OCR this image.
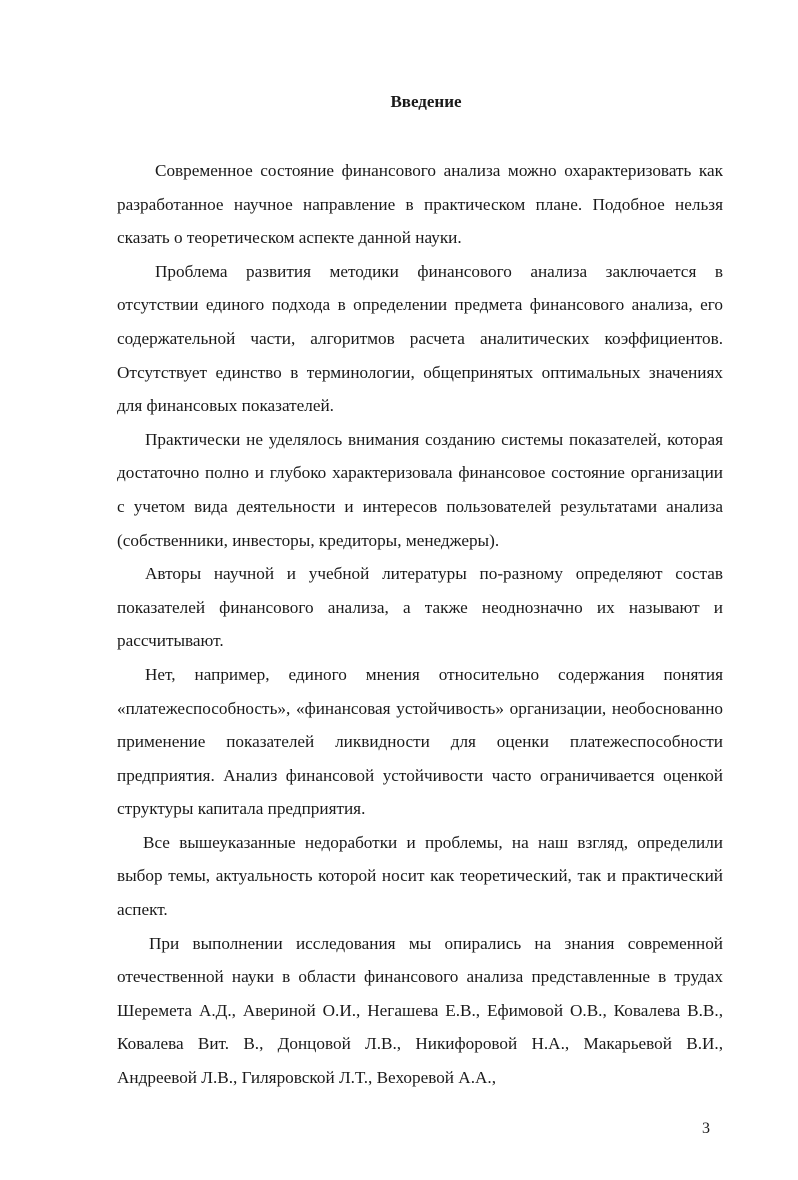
Введение

Современное состояние финансового анализа можно охарактеризовать как разработанное научное направление в практическом плане. Подобное нельзя сказать о теоретическом аспекте данной науки.

Проблема развития методики финансового анализа заключается в отсутствии единого подхода в определении предмета финансового анализа, его содержательной части, алгоритмов расчета аналитических коэффициентов. Отсутствует единство в терминологии, общепринятых оптимальных значениях для финансовых показателей.

Практически не уделялось внимания созданию системы показателей, которая достаточно полно и глубоко характеризовала финансовое состояние организации с учетом вида деятельности и интересов пользователей результатами анализа (собственники, инвесторы, кредиторы, менеджеры).

Авторы научной и учебной литературы по-разному определяют состав показателей финансового анализа, а также неоднозначно их называют и рассчитывают.

Нет, например, единого мнения относительно содержания понятия «платежеспособность», «финансовая устойчивость» организации, необоснованно применение показателей ликвидности для оценки платежеспособности предприятия. Анализ финансовой устойчивости часто ограничивается оценкой структуры капитала предприятия.

Все вышеуказанные недоработки и проблемы, на наш взгляд, определили выбор темы, актуальность которой носит как теоретический, так и практический аспект.

При выполнении исследования мы опирались на знания современной отечественной науки в области финансового анализа представленные в трудах Шеремета А.Д., Авериной О.И., Негашева Е.В., Ефимовой О.В., Ковалева В.В., Ковалева Вит. В., Донцовой Л.В., Никифоровой Н.А., Макарьевой В.И., Андреевой Л.В., Гиляровской Л.Т., Вехоревой А.А.,

3
